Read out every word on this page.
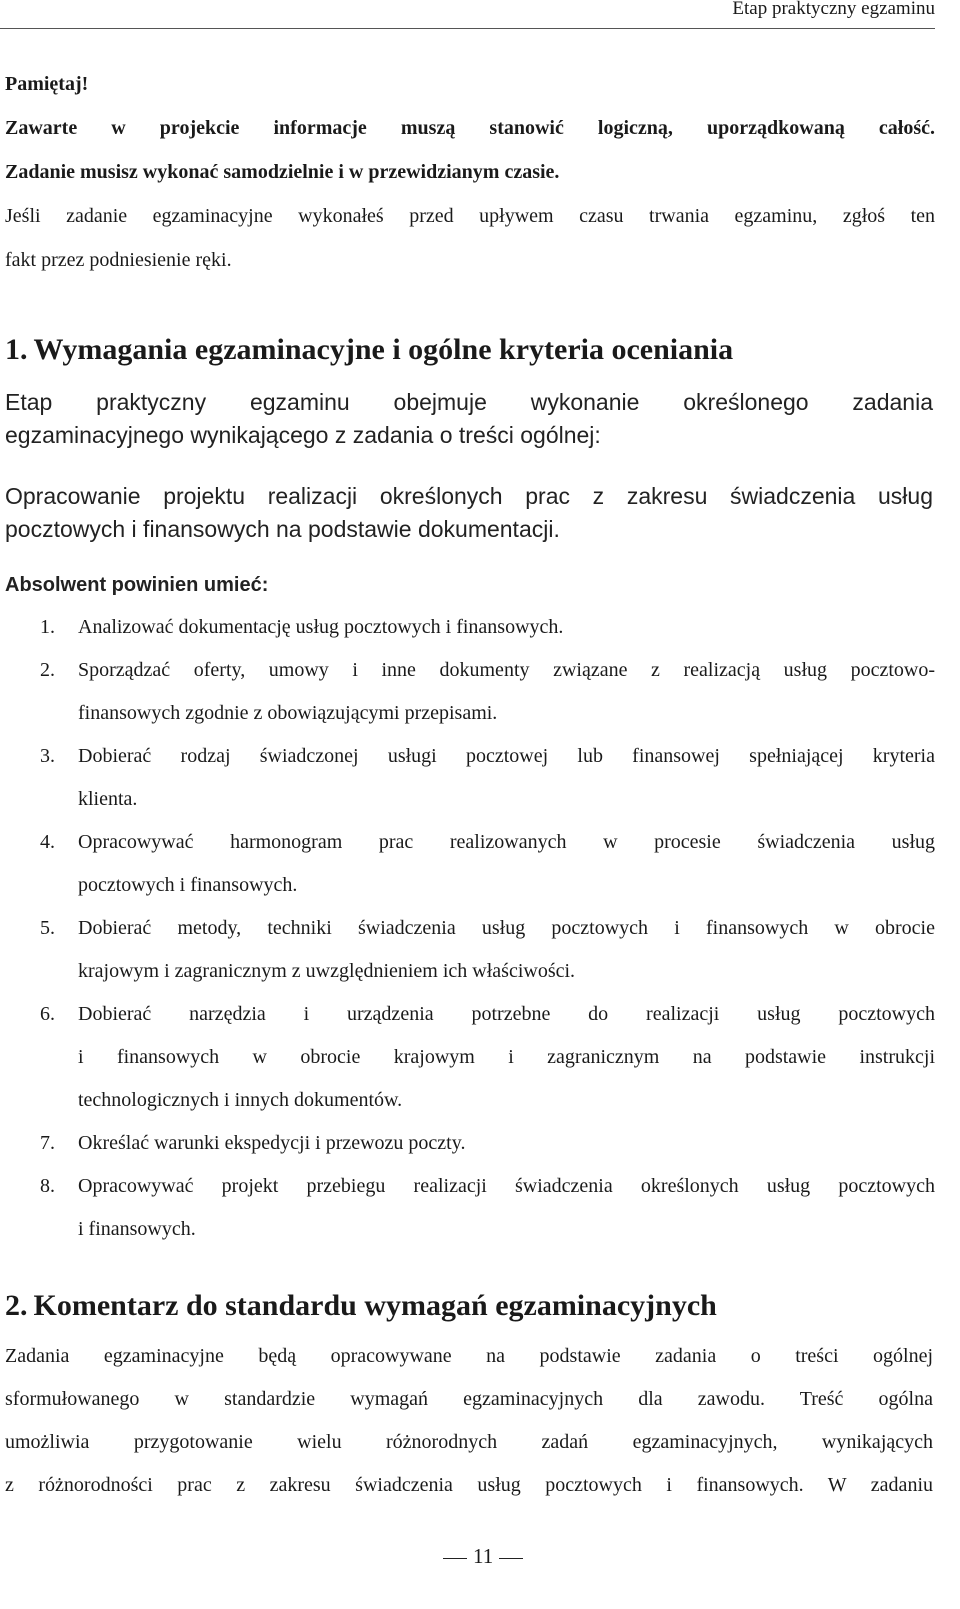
Etap praktyczny egzaminu
Pamiętaj!
Zawarte w projekcie informacje muszą stanowić logiczną, uporządkowaną całość.
Zadanie musisz wykonać samodzielnie i w przewidzianym czasie.
Jeśli zadanie egzaminacyjne wykonałeś przed upływem czasu trwania egzaminu, zgłoś ten
fakt przez podniesienie ręki.
1. Wymagania egzaminacyjne i ogólne kryteria oceniania
Etap praktyczny egzaminu obejmuje wykonanie określonego zadania
egzaminacyjnego wynikającego z zadania o treści ogólnej:
Opracowanie projektu realizacji określonych prac z zakresu świadczenia usług
pocztowych i finansowych na podstawie dokumentacji.
Absolwent powinien umieć:
1. Analizować dokumentację usług pocztowych i finansowych.
2. Sporządzać oferty, umowy i inne dokumenty związane z realizacją usług pocztowo-
finansowych zgodnie z obowiązującymi przepisami.
3. Dobierać rodzaj świadczonej usługi pocztowej lub finansowej spełniającej kryteria
klienta.
4. Opracowywać harmonogram prac realizowanych w procesie świadczenia usług
pocztowych i finansowych.
5. Dobierać metody, techniki świadczenia usług pocztowych i finansowych w obrocie
krajowym i zagranicznym z uwzględnieniem ich właściwości.
6. Dobierać narzędzia i urządzenia potrzebne do realizacji usług pocztowych
i finansowych w obrocie krajowym i zagranicznym na podstawie instrukcji
technologicznych i innych dokumentów.
7. Określać warunki ekspedycji i przewozu poczty.
8. Opracowywać projekt przebiegu realizacji świadczenia określonych usług pocztowych
i finansowych.
2. Komentarz do standardu wymagań egzaminacyjnych
Zadania egzaminacyjne będą opracowywane na podstawie zadania o treści ogólnej
sformułowanego w standardzie wymagań egzaminacyjnych dla zawodu. Treść ogólna
umożliwia przygotowanie wielu różnorodnych zadań egzaminacyjnych, wynikających
z różnorodności prac z zakresu świadczenia usług pocztowych i finansowych. W zadaniu
11
